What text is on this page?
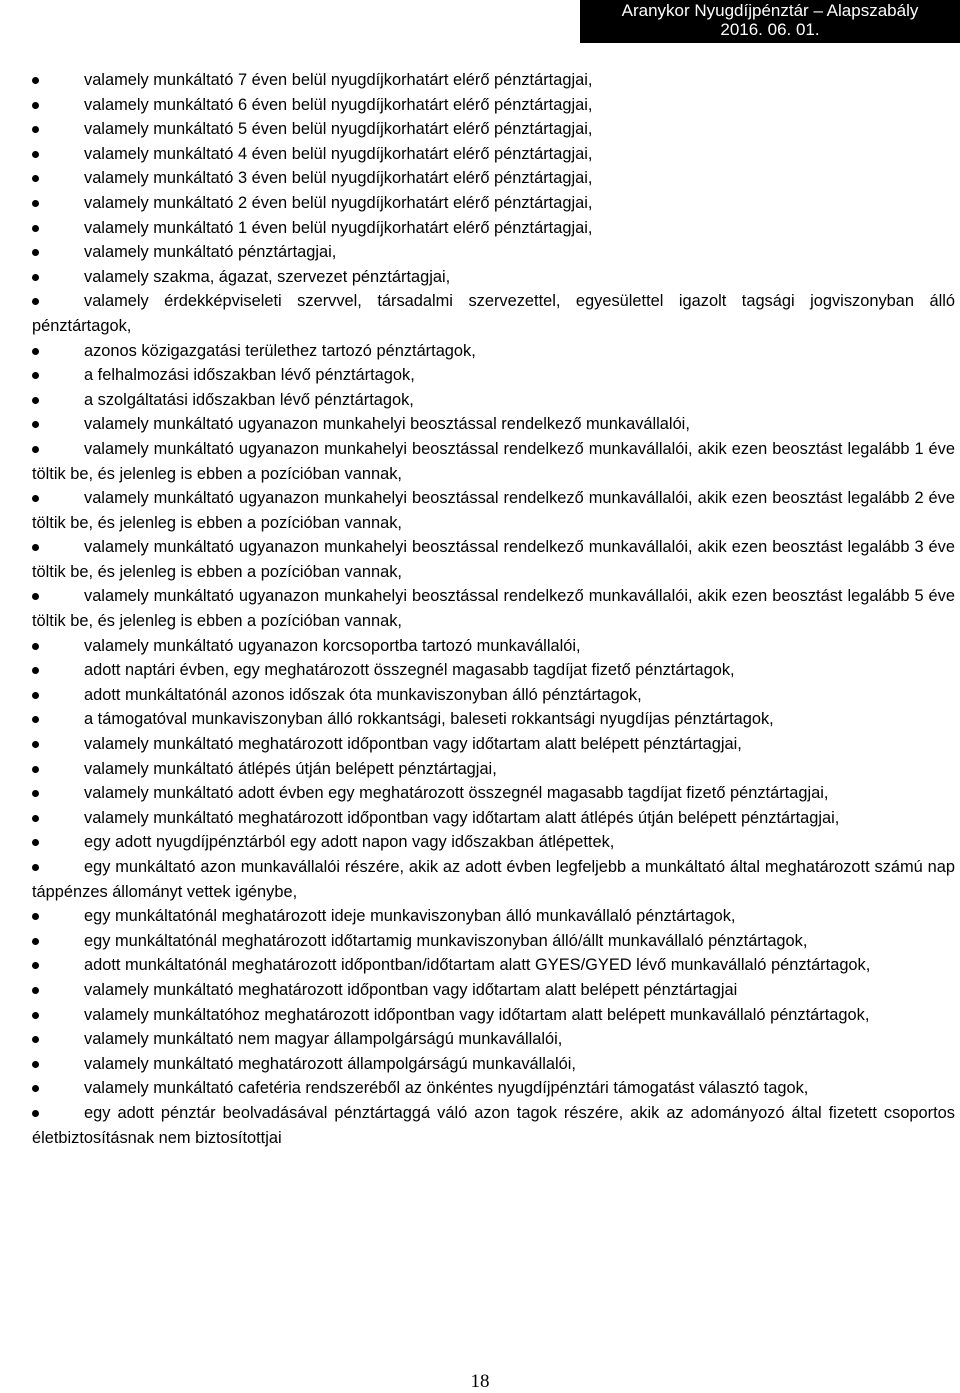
Aranykor Nyugdíjpénztár – Alapszabály
2016. 06. 01.
valamely munkáltató 7 éven belül nyugdíjkorhatárt elérő pénztártagjai,
valamely munkáltató 6 éven belül nyugdíjkorhatárt elérő pénztártagjai,
valamely munkáltató 5 éven belül nyugdíjkorhatárt elérő pénztártagjai,
valamely munkáltató 4 éven belül nyugdíjkorhatárt elérő pénztártagjai,
valamely munkáltató 3 éven belül nyugdíjkorhatárt elérő pénztártagjai,
valamely munkáltató 2 éven belül nyugdíjkorhatárt elérő pénztártagjai,
valamely munkáltató 1 éven belül nyugdíjkorhatárt elérő pénztártagjai,
valamely munkáltató pénztártagjai,
valamely szakma, ágazat, szervezet pénztártagjai,
valamely érdekképviseleti szervvel, társadalmi szervezettel, egyesülettel igazolt tagsági jogviszonyban álló pénztártagok,
azonos közigazgatási területhez tartozó pénztártagok,
a felhalmozási időszakban lévő pénztártagok,
a szolgáltatási időszakban lévő pénztártagok,
valamely munkáltató ugyanazon munkahelyi beosztással rendelkező munkavállalói,
valamely munkáltató ugyanazon munkahelyi beosztással rendelkező munkavállalói, akik ezen beosztást legalább 1 éve töltik be, és jelenleg is ebben a pozícióban vannak,
valamely munkáltató ugyanazon munkahelyi beosztással rendelkező munkavállalói, akik ezen beosztást legalább 2 éve töltik be, és jelenleg is ebben a pozícióban vannak,
valamely munkáltató ugyanazon munkahelyi beosztással rendelkező munkavállalói, akik ezen beosztást legalább 3 éve töltik be, és jelenleg is ebben a pozícióban vannak,
valamely munkáltató ugyanazon munkahelyi beosztással rendelkező munkavállalói, akik ezen beosztást legalább 5 éve töltik be, és jelenleg is ebben a pozícióban vannak,
valamely munkáltató ugyanazon korcsoportba tartozó munkavállalói,
adott naptári évben, egy meghatározott összegnél magasabb tagdíjat fizető pénztártagok,
adott munkáltatónál azonos időszak óta munkaviszonyban álló pénztártagok,
a támogatóval munkaviszonyban álló rokkantsági, baleseti rokkantsági nyugdíjas pénztártagok,
valamely munkáltató meghatározott időpontban vagy időtartam alatt belépett pénztártagjai,
valamely munkáltató átlépés útján belépett pénztártagjai,
valamely munkáltató adott évben egy meghatározott összegnél magasabb tagdíjat fizető pénztártagjai,
valamely munkáltató meghatározott időpontban vagy időtartam alatt átlépés útján belépett pénztártagjai,
egy adott nyugdíjpénztárból egy adott napon vagy időszakban átlépettek,
egy munkáltató azon munkavállalói részére, akik az adott évben legfeljebb a munkáltató által meghatározott számú nap táppénzes állományt vettek igénybe,
egy munkáltatónál meghatározott ideje munkaviszonyban álló munkavállaló pénztártagok,
egy munkáltatónál meghatározott időtartamig munkaviszonyban álló/állt munkavállaló pénztártagok,
adott munkáltatónál meghatározott időpontban/időtartam alatt GYES/GYED lévő munkavállaló pénztártagok,
valamely munkáltató meghatározott időpontban vagy időtartam alatt belépett pénztártagjai
valamely munkáltatóhoz meghatározott időpontban vagy időtartam alatt belépett munkavállaló pénztártagok,
valamely munkáltató nem magyar állampolgárságú munkavállalói,
valamely munkáltató meghatározott állampolgárságú munkavállalói,
valamely munkáltató cafetéria rendszeréből az önkéntes nyugdíjpénztári támogatást választó tagok,
egy adott pénztár beolvadásával pénztártaggá váló azon tagok részére, akik az adományozó által fizetett csoportos életbiztosításnak nem biztosítottjai
18
